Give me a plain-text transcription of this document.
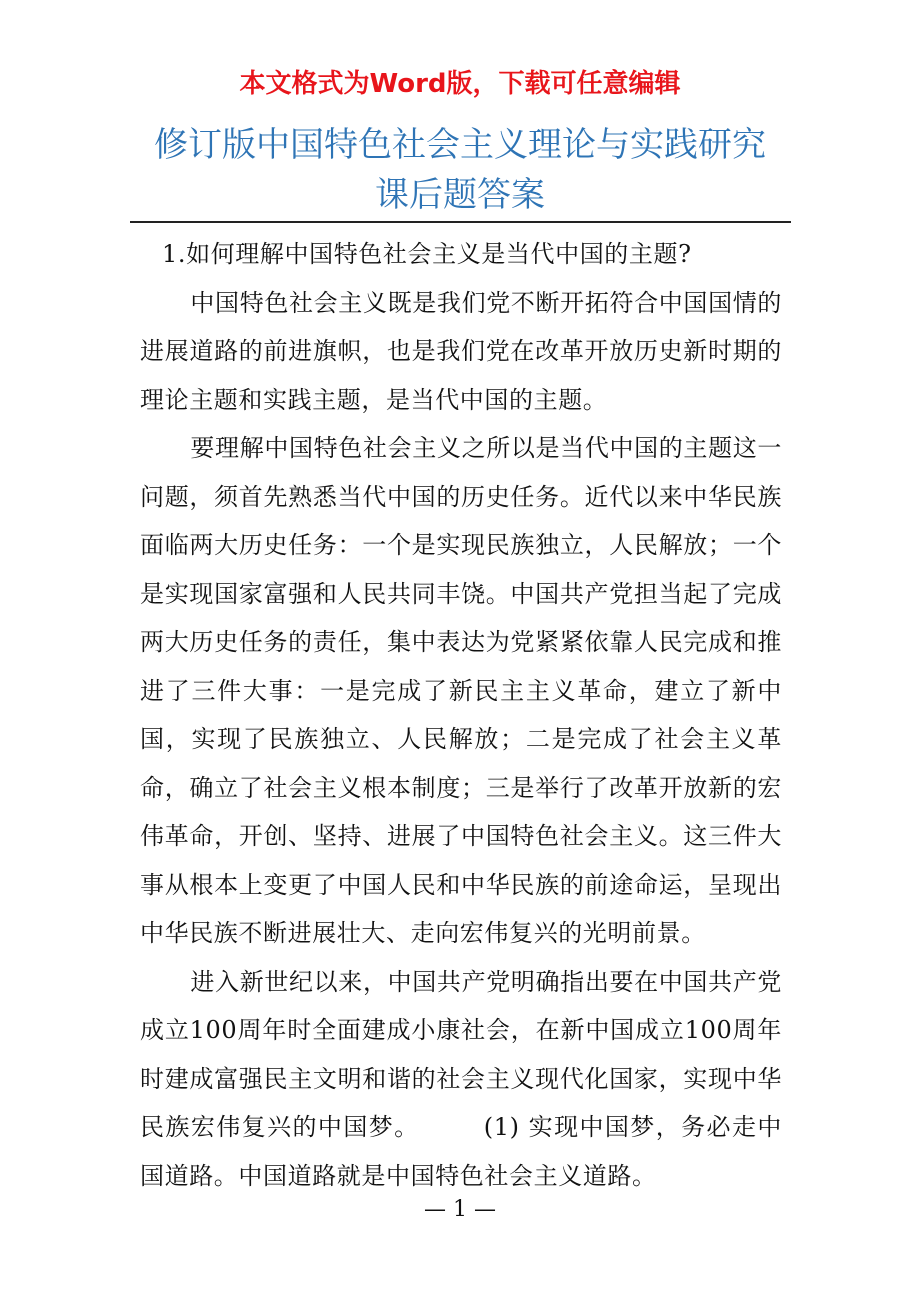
本文格式为Word版，下载可任意编辑
修订版中国特色社会主义理论与实践研究
课后题答案

1.如何理解中国特色社会主义是当代中国的主题?

中国特色社会主义既是我们党不断开拓符合中国国情的进展道路的前进旗帜，也是我们党在改革开放历史新时期的理论主题和实践主题，是当代中国的主题。

要理解中国特色社会主义之所以是当代中国的主题这一问题，须首先熟悉当代中国的历史任务。近代以来中华民族面临两大历史任务：一个是实现民族独立，人民解放；一个是实现国家富强和人民共同丰饶。中国共产党担当起了完成两大历史任务的责任，集中表达为党紧紧依靠人民完成和推进了三件大事：一是完成了新民主主义革命，建立了新中国，实现了民族独立、人民解放；二是完成了社会主义革命，确立了社会主义根本制度；三是举行了改革开放新的宏伟革命，开创、坚持、进展了中国特色社会主义。这三件大事从根本上变更了中国人民和中华民族的前途命运，呈现出中华民族不断进展壮大、走向宏伟复兴的光明前景。

进入新世纪以来，中国共产党明确指出要在中国共产党成立100周年时全面建成小康社会，在新中国成立100周年时建成富强民主文明和谐的社会主义现代化国家，实现中华民族宏伟复兴的中国梦。　　　(1) 实现中国梦，务必走中国道路。中国道路就是中国特色社会主义道路。

— 1 —
